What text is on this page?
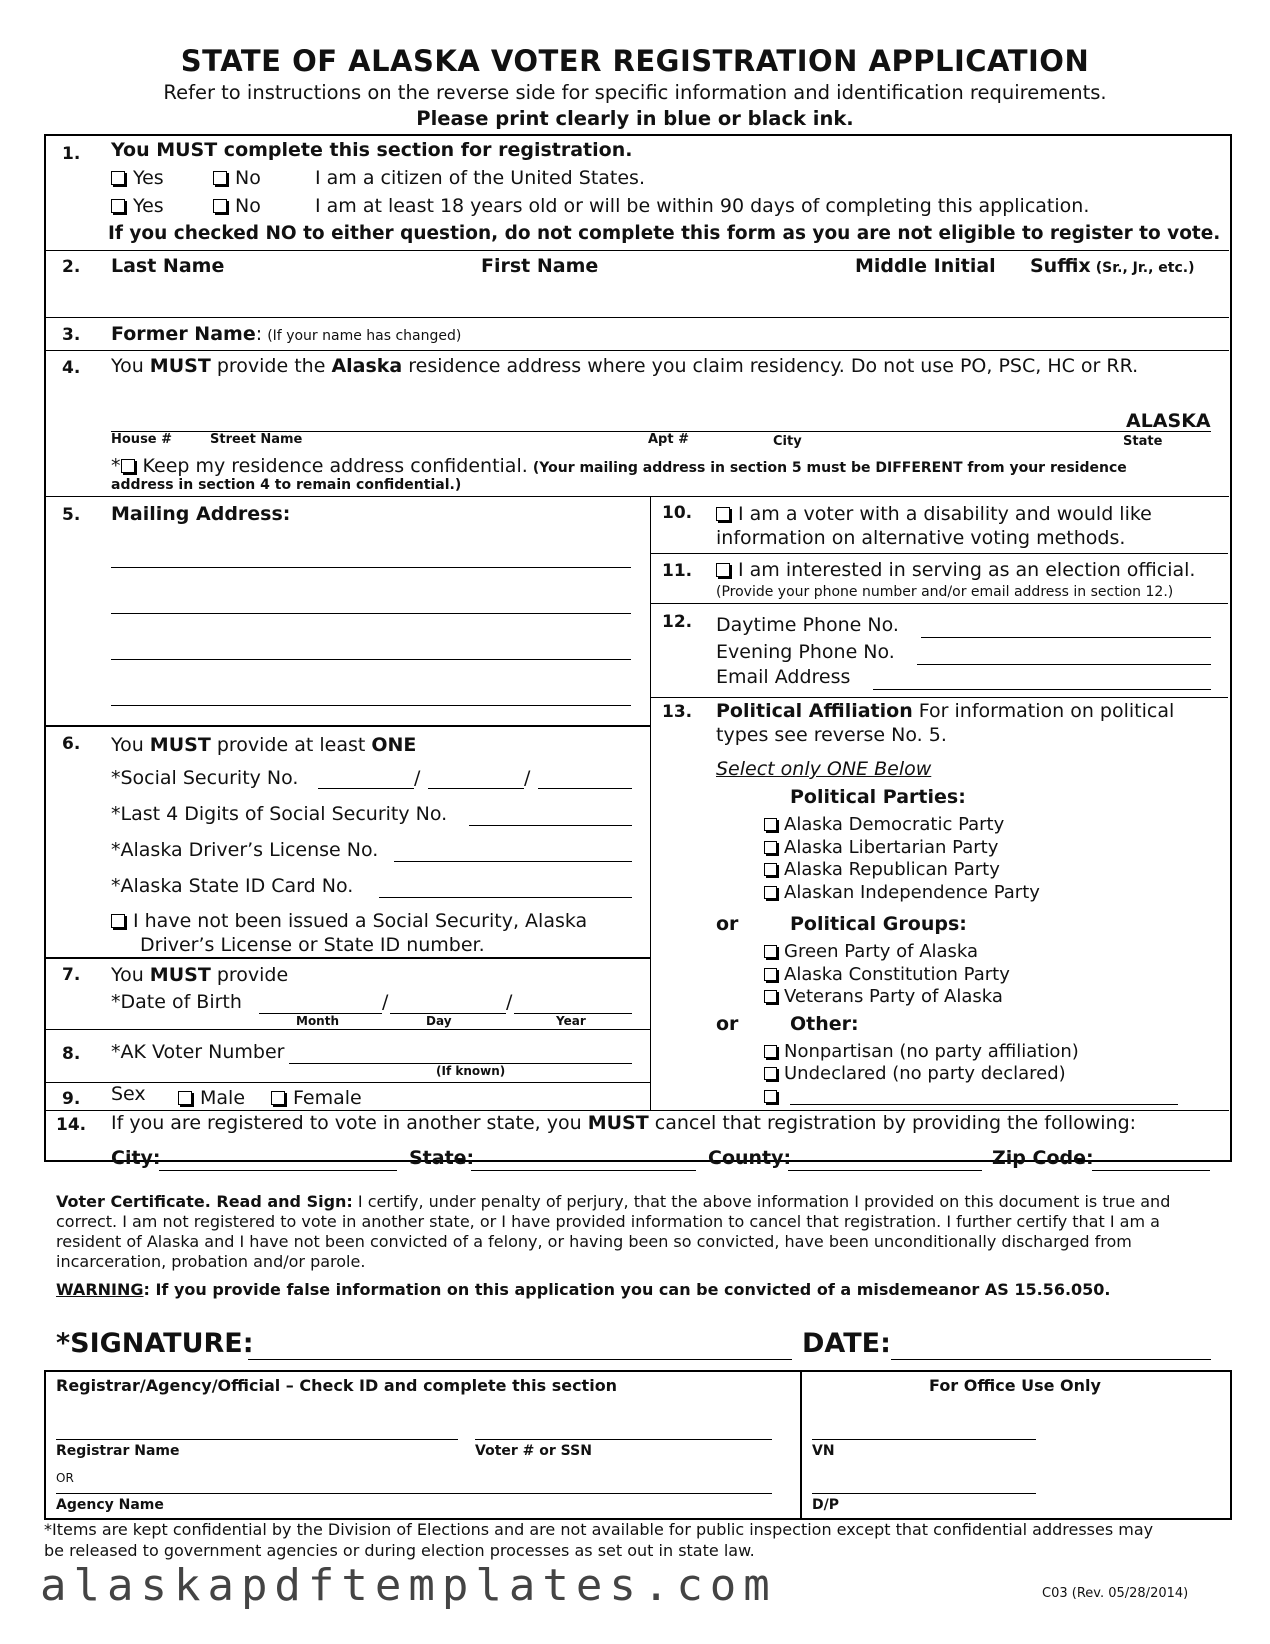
STATE OF ALASKA VOTER REGISTRATION APPLICATION
Refer to instructions on the reverse side for specific information and identification requirements.
Please print clearly in blue or black ink.
1. You MUST complete this section for registration.
Yes	No	I am a citizen of the United States.
Yes	No	I am at least 18 years old or will be within 90 days of completing this application.
If you checked NO to either question, do not complete this form as you are not eligible to register to vote.
2. Last Name	First Name	Middle Initial Suffix (Sr., Jr., etc.)
3. Former Name: (If your name has changed)
4. You MUST provide the Alaska residence address where you claim residency. Do not use PO, PSC, HC or RR.
ALASKA
House #	Street Name	Apt #	City	State
* Keep my residence address confidential. (Your mailing address in section 5 must be DIFFERENT from your residence
address in section 4 to remain confidential.)
5. Mailing Address:
6. You MUST provide at least ONE
*Social Security No.	/	/
*Last 4 Digits of Social Security No.
*Alaska Driver’s License No.
*Alaska State ID Card No.
I have not been issued a Social Security, Alaska
Driver’s License or State ID number.
7. You MUST provide
*Date of Birth	/	/
Month	Day	Year
8. *AK Voter Number
(If known)
9. Sex	Male	Female
10.	I am a voter with a disability and would like
information on alternative voting methods.
11.	I am interested in serving as an election official.
(Provide your phone number and/or email address in section 12.)
12. Daytime Phone No.
Evening Phone No.
Email Address
13. Political Affiliation For information on political
types see reverse No. 5.
Select only ONE Below
Political Parties:
Alaska Democratic Party
Alaska Libertarian Party
Alaska Republican Party
Alaskan Independence Party
or	Political Groups:
Green Party of Alaska
Alaska Constitution Party
Veterans Party of Alaska
or	Other:
Nonpartisan (no party affiliation)
Undeclared (no party declared)
14. If you are registered to vote in another state, you MUST cancel that registration by providing the following:
City:	State:	County:	Zip Code:
Voter Certificate. Read and Sign: I certify, under penalty of perjury, that the above information I provided on this document is true and correct. I am not registered to vote in another state, or I have provided information to cancel that registration. I further certify that I am a resident of Alaska and I have not been convicted of a felony, or having been so convicted, have been unconditionally discharged from incarceration, probation and/or parole.
WARNING: If you provide false information on this application you can be convicted of a misdemeanor AS 15.56.050.
*SIGNATURE:	DATE:
Registrar/Agency/Official – Check ID and complete this section
Registrar Name	Voter # or SSN
OR
Agency Name
For Office Use Only
VN
D/P
*Items are kept confidential by the Division of Elections and are not available for public inspection except that confidential addresses may
be released to government agencies or during election processes as set out in state law.
alaskapdftemplates.com	C03 (Rev. 05/28/2014)
